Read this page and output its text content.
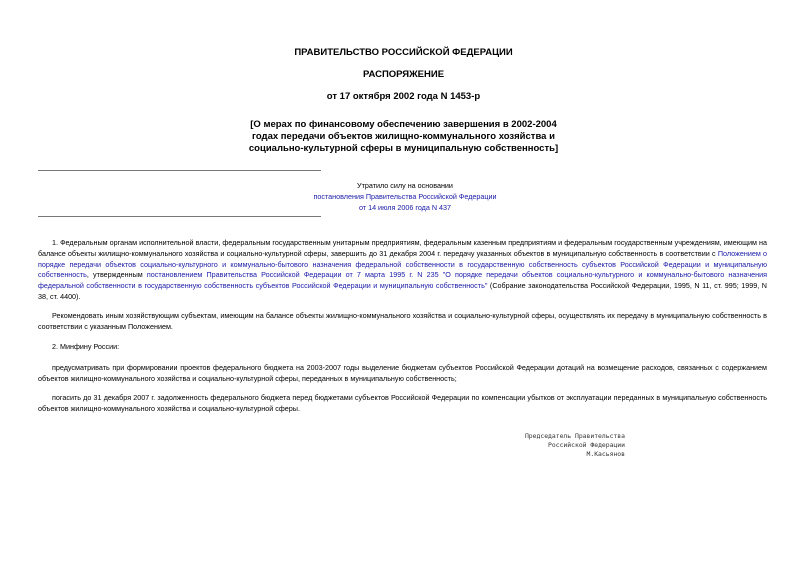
ПРАВИТЕЛЬСТВО РОССИЙСКОЙ ФЕДЕРАЦИИ
РАСПОРЯЖЕНИЕ
от 17 октября 2002 года N 1453-р
[О мерах по финансовому обеспечению завершения в 2002-2004
годах передачи объектов жилищно-коммунального хозяйства и
социально-культурной сферы в муниципальную собственность]
Утратило силу на основании
постановления Правительства Российской Федерации
от 14 июля 2006 года N 437
1. Федеральным органам исполнительной власти, федеральным государственным унитарным предприятиям, федеральным казенным предприятиям и федеральным государственным учреждениям, имеющим на балансе объекты жилищно-коммунального хозяйства и социально-культурной сферы, завершить до 31 декабря 2004 г. передачу указанных объектов в муниципальную собственность в соответствии с Положением о порядке передачи объектов социально-культурного и коммунально-бытового назначения федеральной собственности в государственную собственность субъектов Российской Федерации и муниципальную собственность, утвержденным постановлением Правительства Российской Федерации от 7 марта 1995 г. N 235 "О порядке передачи объектов социально-культурного и коммунально-бытового назначения федеральной собственности в государственную собственность субъектов Российской Федерации и муниципальную собственность" (Собрание законодательства Российской Федерации, 1995, N 11, ст. 995; 1999, N 38, ст. 4400).
Рекомендовать иным хозяйствующим субъектам, имеющим на балансе объекты жилищно-коммунального хозяйства и социально-культурной сферы, осуществлять их передачу в муниципальную собственность в соответствии с указанным Положением.
2. Минфину России:
предусматривать при формировании проектов федерального бюджета на 2003-2007 годы выделение бюджетам субъектов Российской Федерации дотаций на возмещение расходов, связанных с содержанием объектов жилищно-коммунального хозяйства и социально-культурной сферы, переданных в муниципальную собственность;
погасить до 31 декабря 2007 г. задолженность федерального бюджета перед бюджетами субъектов Российской Федерации по компенсации убытков от эксплуатации переданных в муниципальную собственность объектов жилищно-коммунального хозяйства и социально-культурной сферы.
Председатель Правительства
Российской Федерации
М.Касьянов
